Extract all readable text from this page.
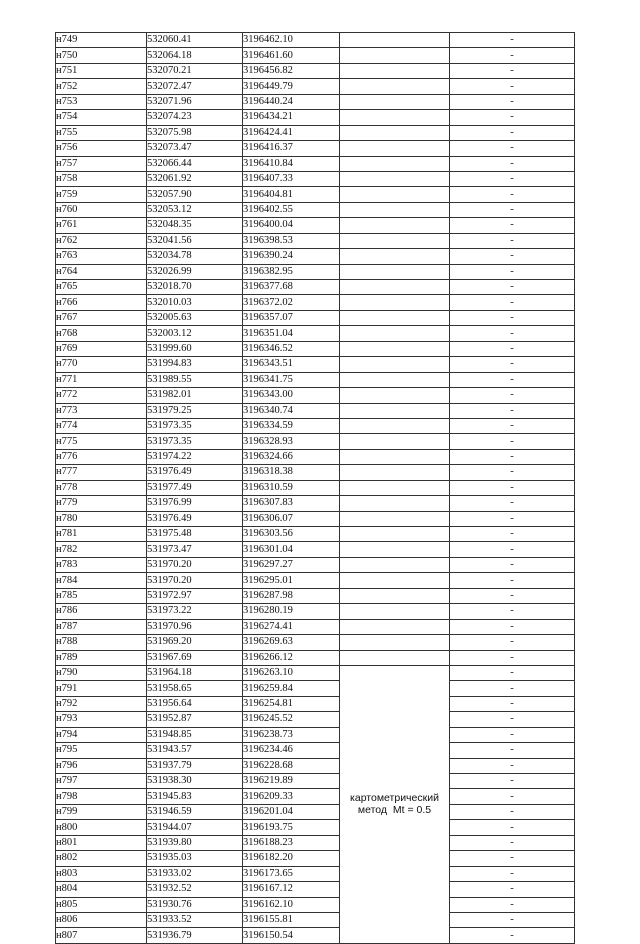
н749	532060.41	3196462.10		-
н750	532064.18	3196461.60		-
н751	532070.21	3196456.82		-
н752	532072.47	3196449.79		-
н753	532071.96	3196440.24		-
н754	532074.23	3196434.21		-
н755	532075.98	3196424.41		-
н756	532073.47	3196416.37		-
н757	532066.44	3196410.84		-
н758	532061.92	3196407.33		-
н759	532057.90	3196404.81		-
н760	532053.12	3196402.55		-
н761	532048.35	3196400.04		-
н762	532041.56	3196398.53		-
н763	532034.78	3196390.24		-
н764	532026.99	3196382.95		-
н765	532018.70	3196377.68		-
н766	532010.03	3196372.02		-
н767	532005.63	3196357.07		-
н768	532003.12	3196351.04		-
н769	531999.60	3196346.52		-
н770	531994.83	3196343.51		-
н771	531989.55	3196341.75		-
н772	531982.01	3196343.00		-
н773	531979.25	3196340.74		-
н774	531973.35	3196334.59		-
н775	531973.35	3196328.93		-
н776	531974.22	3196324.66		-
н777	531976.49	3196318.38		-
н778	531977.49	3196310.59		-
н779	531976.99	3196307.83		-
н780	531976.49	3196306.07		-
н781	531975.48	3196303.56		-
н782	531973.47	3196301.04		-
н783	531970.20	3196297.27		-
н784	531970.20	3196295.01		-
н785	531972.97	3196287.98		-
н786	531973.22	3196280.19		-
н787	531970.96	3196274.41		-
н788	531969.20	3196269.63		-
н789	531967.69	3196266.12		-
н790	531964.18	3196263.10	картометрический
метод  Mt = 0.5	-
н791	531958.65	3196259.84		-
н792	531956.64	3196254.81		-
н793	531952.87	3196245.52		-
н794	531948.85	3196238.73		-
н795	531943.57	3196234.46		-
н796	531937.79	3196228.68		-
н797	531938.30	3196219.89		-
н798	531945.83	3196209.33		-
н799	531946.59	3196201.04		-
н800	531944.07	3196193.75		-
н801	531939.80	3196188.23		-
н802	531935.03	3196182.20		-
н803	531933.02	3196173.65		-
н804	531932.52	3196167.12		-
н805	531930.76	3196162.10		-
н806	531933.52	3196155.81		-
н807	531936.79	3196150.54		-
